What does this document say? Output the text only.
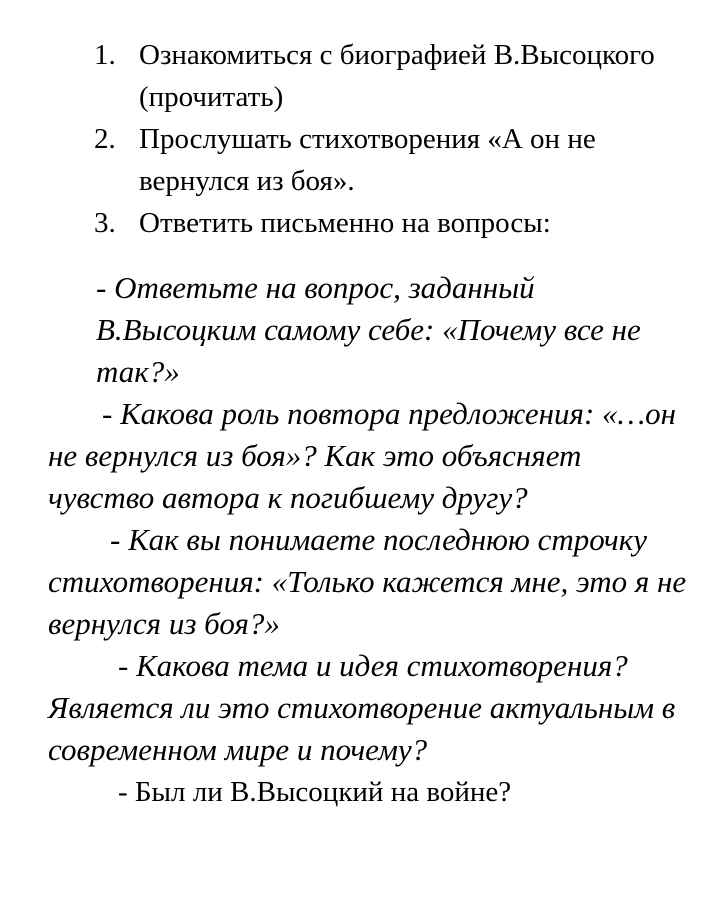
1. Ознакомиться с биографией В.Высоцкого (прочитать)
2. Прослушать стихотворения «А он не вернулся из боя».
3. Ответить письменно на вопросы:

- Ответьте на вопрос, заданный В.Высоцким самому себе: «Почему все не так?»

- Какова роль повтора предложения: «…он не вернулся из боя»? Как это объясняет чувство автора к погибшему другу?

- Как вы понимаете последнюю строчку стихотворения: «Только кажется мне, это я не вернулся из боя?»

- Какова тема и идея стихотворения? Является ли это стихотворение актуальным в современном мире и почему?

- Был ли В.Высоцкий на войне?
